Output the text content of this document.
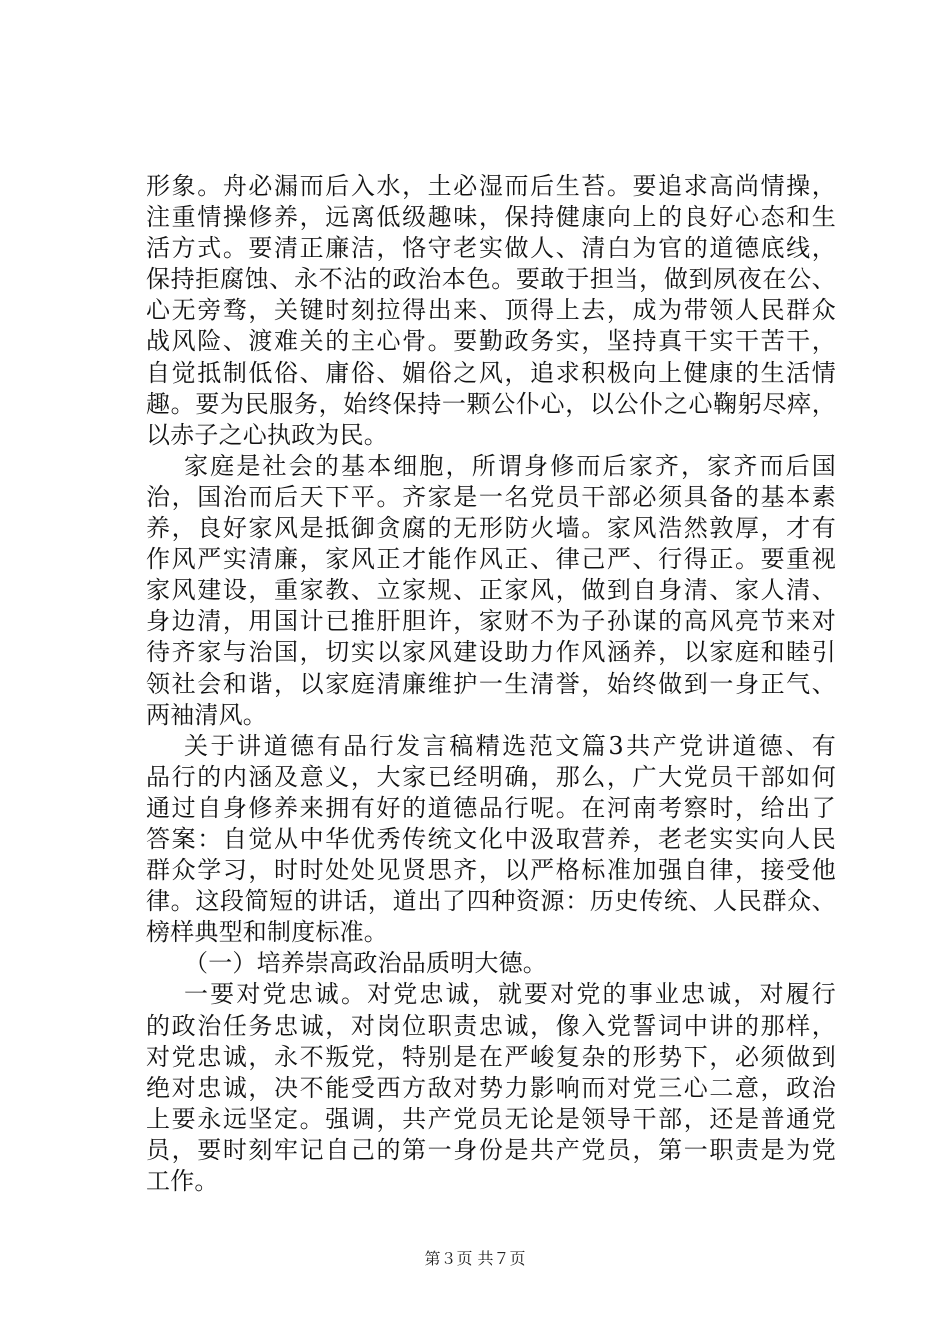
形象。舟必漏而后入水，土必湿而后生苔。要追求高尚情操，
注重情操修养，远离低级趣味，保持健康向上的良好心态和生
活方式。要清正廉洁，恪守老实做人、清白为官的道德底线，
保持拒腐蚀、永不沾的政治本色。要敢于担当，做到夙夜在公、
心无旁骛，关键时刻拉得出来、顶得上去，成为带领人民群众
战风险、渡难关的主心骨。要勤政务实，坚持真干实干苦干，
自觉抵制低俗、庸俗、媚俗之风，追求积极向上健康的生活情
趣。要为民服务，始终保持一颗公仆心，以公仆之心鞠躬尽瘁，
以赤子之心执政为民。
家庭是社会的基本细胞，所谓身修而后家齐，家齐而后国
治，国治而后天下平。齐家是一名党员干部必须具备的基本素
养，良好家风是抵御贪腐的无形防火墙。家风浩然敦厚，才有
作风严实清廉，家风正才能作风正、律己严、行得正。要重视
家风建设，重家教、立家规、正家风，做到自身清、家人清、
身边清，用国计已推肝胆许，家财不为子孙谋的高风亮节来对
待齐家与治国，切实以家风建设助力作风涵养，以家庭和睦引
领社会和谐，以家庭清廉维护一生清誉，始终做到一身正气、
两袖清风。
关于讲道德有品行发言稿精选范文篇3共产党讲道德、有
品行的内涵及意义，大家已经明确，那么，广大党员干部如何
通过自身修养来拥有好的道德品行呢。在河南考察时，给出了
答案：自觉从中华优秀传统文化中汲取营养，老老实实向人民
群众学习，时时处处见贤思齐，以严格标准加强自律，接受他
律。这段简短的讲话，道出了四种资源：历史传统、人民群众、
榜样典型和制度标准。
（一）培养崇高政治品质明大德。
一要对党忠诚。对党忠诚，就要对党的事业忠诚，对履行
的政治任务忠诚，对岗位职责忠诚，像入党誓词中讲的那样，
对党忠诚，永不叛党，特别是在严峻复杂的形势下，必须做到
绝对忠诚，决不能受西方敌对势力影响而对党三心二意，政治
上要永远坚定。强调，共产党员无论是领导干部，还是普通党
员，要时刻牢记自己的第一身份是共产党员，第一职责是为党
工作。
第３页 共７页
